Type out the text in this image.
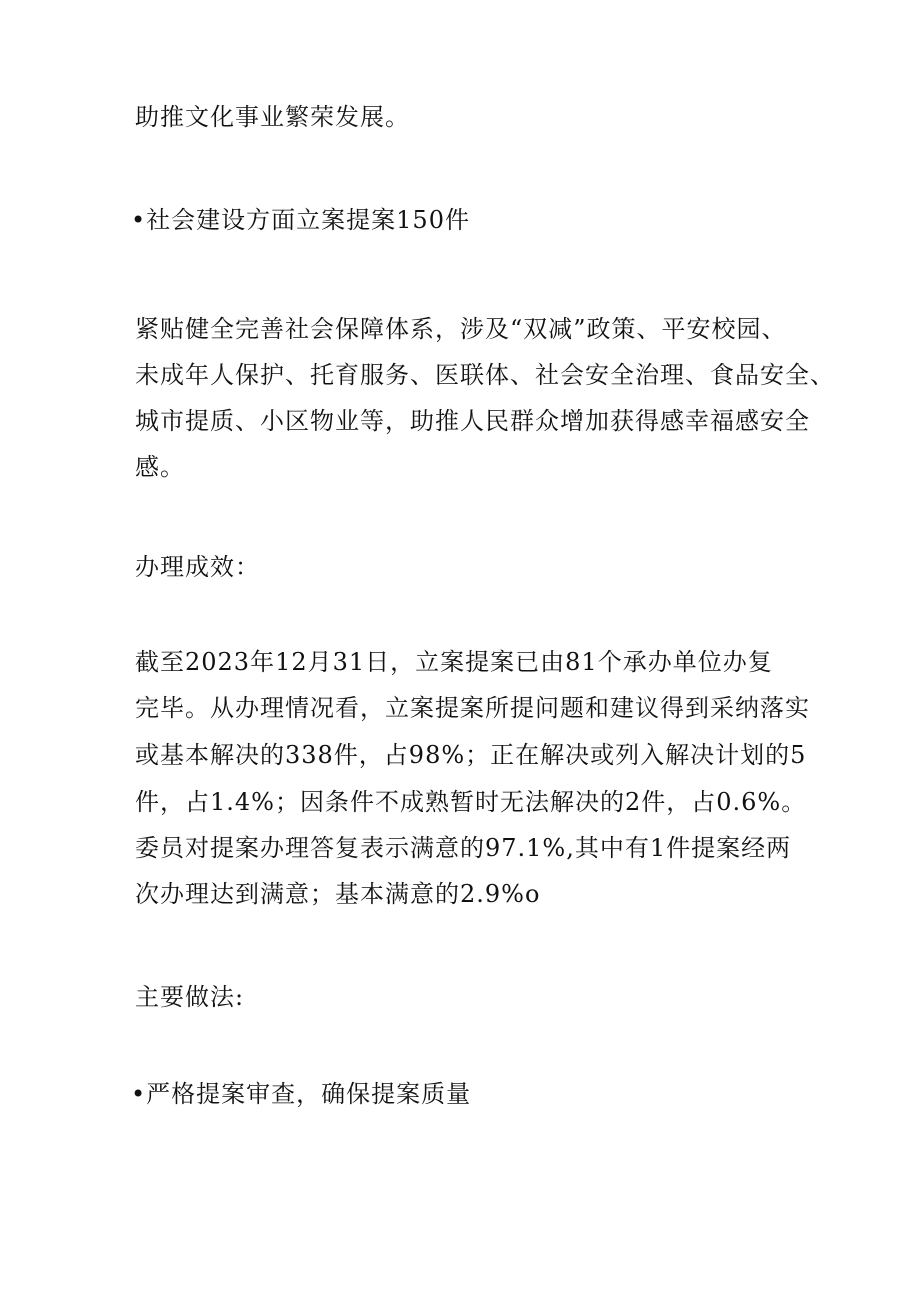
助推文化事业繁荣发展。
•社会建设方面立案提案150件
紧贴健全完善社会保障体系，涉及“双减”政策、平安校园、
未成年人保护、托育服务、医联体、社会安全治理、食品安全、
城市提质、小区物业等，助推人民群众增加获得感幸福感安全
感。
办理成效：
截至2023年12月31日，立案提案已由81个承办单位办复
完毕。从办理情况看，立案提案所提问题和建议得到采纳落实
或基本解决的338件，占98%；正在解决或列入解决计划的5
件，占1.4%；因条件不成熟暂时无法解决的2件，占0.6%。
委员对提案办理答复表示满意的97.1%,其中有1件提案经两
次办理达到满意；基本满意的2.9%o
主要做法:
•严格提案审查，确保提案质量
